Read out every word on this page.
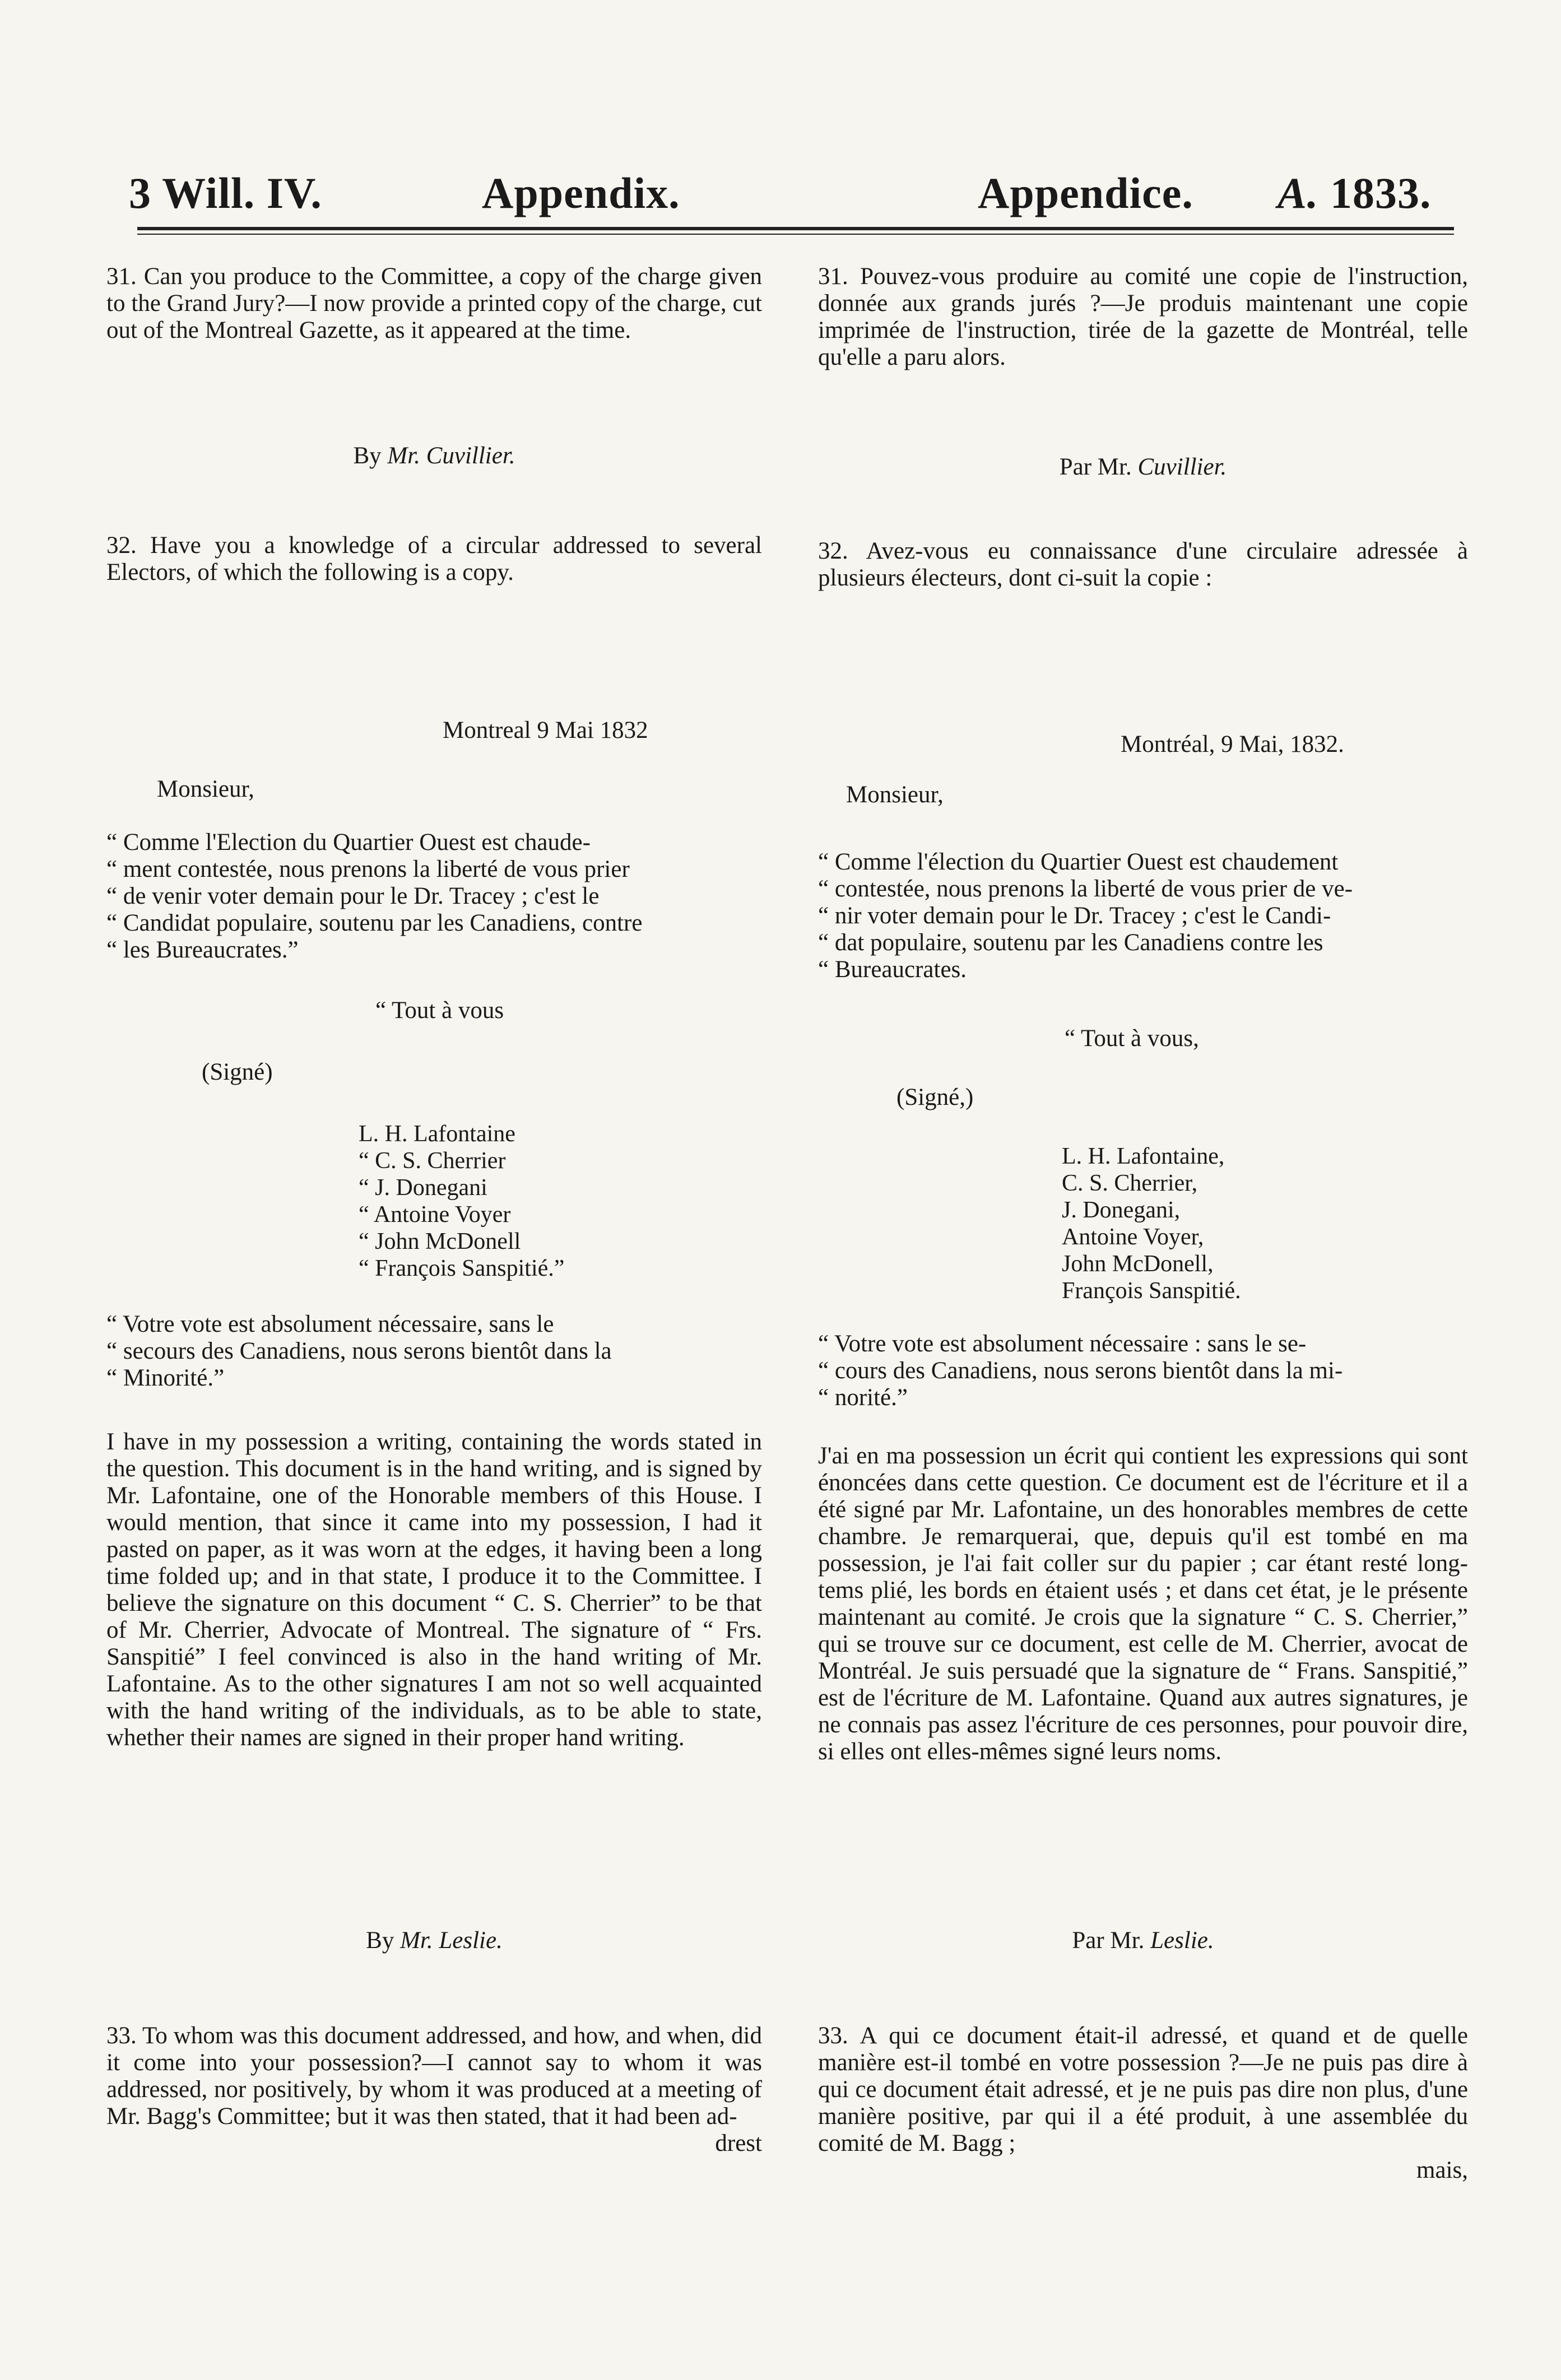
3 Will. IV.	Appendix.	Appendice. A. 1833.

31. Can you produce to the Committee, a copy of the charge given to the Grand Jury?—I now provide a printed copy of the charge, cut out of the Montreal Gazette, as it appeared at the time.

By Mr. Cuvillier.

32. Have you a knowledge of a circular addressed to several Electors, of which the following is a copy.

Montreal 9 Mai 1832

Monsieur,

“ Comme l'Election du Quartier Ouest est chaude-

“ ment contestée, nous prenons la liberté de vous prier

“ de venir voter demain pour le Dr. Tracey ; c'est le

“ Candidat populaire, soutenu par les Canadiens, contre

“ les Bureaucrates.”

“ Tout à vous

(Signé)

L. H. Lafontaine
“ C. S. Cherrier
“ J. Donegani
“ Antoine Voyer
“ John McDonell
“ François Sanspitié.”

“ Votre vote est absolument nécessaire, sans le

“ secours des Canadiens, nous serons bientôt dans la

“ Minorité.”

I have in my possession a writing, containing the words stated in the question. This document is in the hand writing, and is signed by Mr. Lafontaine, one of the Honorable members of this House. I would mention, that since it came into my possession, I had it pasted on paper, as it was worn at the edges, it having been a long time folded up; and in that state, I produce it to the Committee. I believe the signature on this document “ C. S. Cherrier” to be that of Mr. Cherrier, Advocate of Montreal. The signature of “ Frs. Sanspitié” I feel convinced is also in the hand writing of Mr. Lafontaine. As to the other signatures I am not so well acquainted with the hand writing of the individuals, as to be able to state, whether their names are signed in their proper hand writing.

By Mr. Leslie.

33. To whom was this document addressed, and how, and when, did it come into your possession?—I cannot say to whom it was addressed, nor positively, by whom it was produced at a meeting of Mr. Bagg's Committee; but it was then stated, that it had been ad-

drest

31. Pouvez-vous produire au comité une copie de l'instruction, donnée aux grands jurés ?—Je produis maintenant une copie imprimée de l'instruction, tirée de la gazette de Montréal, telle qu'elle a paru alors.

Par Mr. Cuvillier.

32. Avez-vous eu connaissance d'une circulaire adressée à plusieurs électeurs, dont ci-suit la copie :

Montréal, 9 Mai, 1832.

Monsieur,

“ Comme l'élection du Quartier Ouest est chaudement

“ contestée, nous prenons la liberté de vous prier de ve-

“ nir voter demain pour le Dr. Tracey ; c'est le Candi-

“ dat populaire, soutenu par les Canadiens contre les

“ Bureaucrates.

“ Tout à vous,

(Signé,)

L. H. Lafontaine,
C. S. Cherrier,
J. Donegani,
Antoine Voyer,
John McDonell,
François Sanspitié.

“ Votre vote est absolument nécessaire : sans le se-

“ cours des Canadiens, nous serons bientôt dans la mi-

“ norité.”

J'ai en ma possession un écrit qui contient les expressions qui sont énoncées dans cette question. Ce document est de l'écriture et il a été signé par Mr. Lafontaine, un des honorables membres de cette chambre. Je remarquerai, que, depuis qu'il est tombé en ma possession, je l'ai fait coller sur du papier ; car étant resté long-tems plié, les bords en étaient usés ; et dans cet état, je le présente maintenant au comité. Je crois que la signature “ C. S. Cherrier,” qui se trouve sur ce document, est celle de M. Cherrier, avocat de Montréal. Je suis persuadé que la signature de “ Frans. Sanspitié,” est de l'écriture de M. Lafontaine. Quand aux autres signatures, je ne connais pas assez l'écriture de ces personnes, pour pouvoir dire, si elles ont elles-mêmes signé leurs noms.

Par Mr. Leslie.

33. A qui ce document était-il adressé, et quand et de quelle manière est-il tombé en votre possession ?—Je ne puis pas dire à qui ce document était adressé, et je ne puis pas dire non plus, d'une manière positive, par qui il a été produit, à une assemblée du comité de M. Bagg ;

mais,
